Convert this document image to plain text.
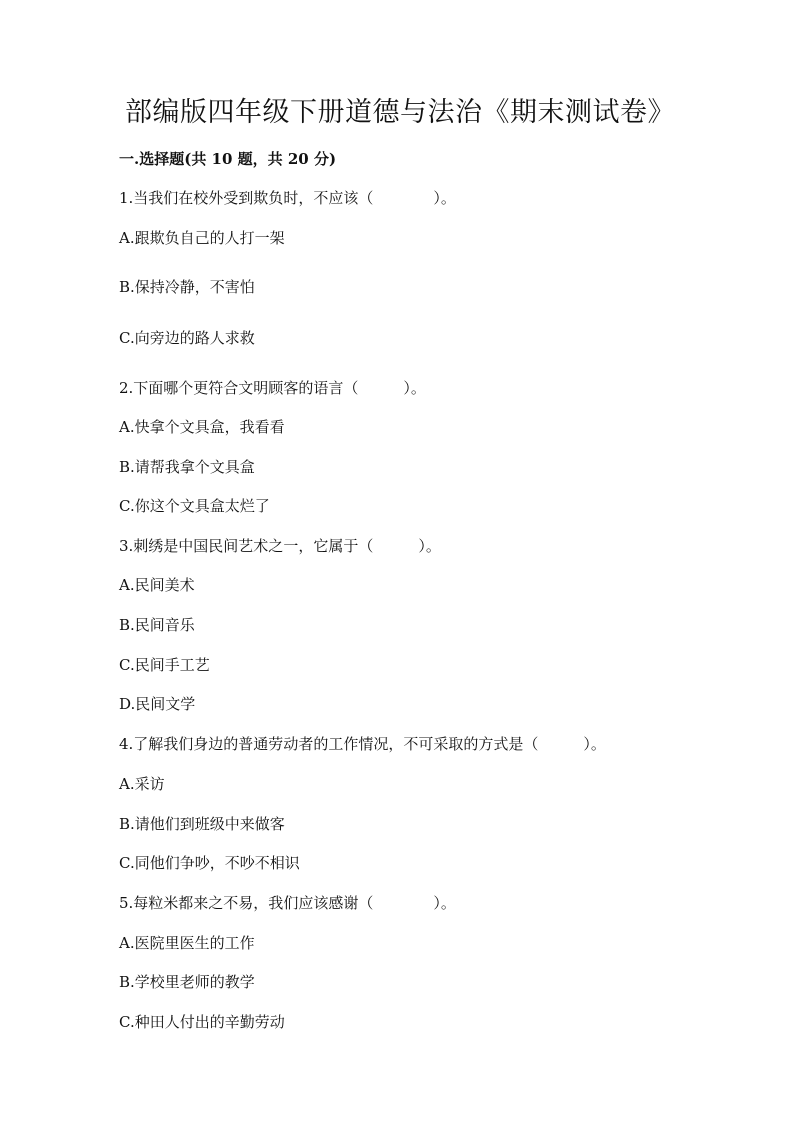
部编版四年级下册道德与法治《期末测试卷》
一.选择题(共 10 题，共 20 分)
1.当我们在校外受到欺负时，不应该（　　　　）。
A.跟欺负自己的人打一架
B.保持冷静，不害怕
C.向旁边的路人求救
2.下面哪个更符合文明顾客的语言（　　　）。
A.快拿个文具盒，我看看
B.请帮我拿个文具盒
C.你这个文具盒太烂了
3.刺绣是中国民间艺术之一，它属于（　　　）。
A.民间美术
B.民间音乐
C.民间手工艺
D.民间文学
4.了解我们身边的普通劳动者的工作情况，不可采取的方式是（　　　）。
A.采访
B.请他们到班级中来做客
C.同他们争吵，不吵不相识
5.每粒米都来之不易，我们应该感谢（　　　　）。
A.医院里医生的工作
B.学校里老师的教学
C.种田人付出的辛勤劳动
